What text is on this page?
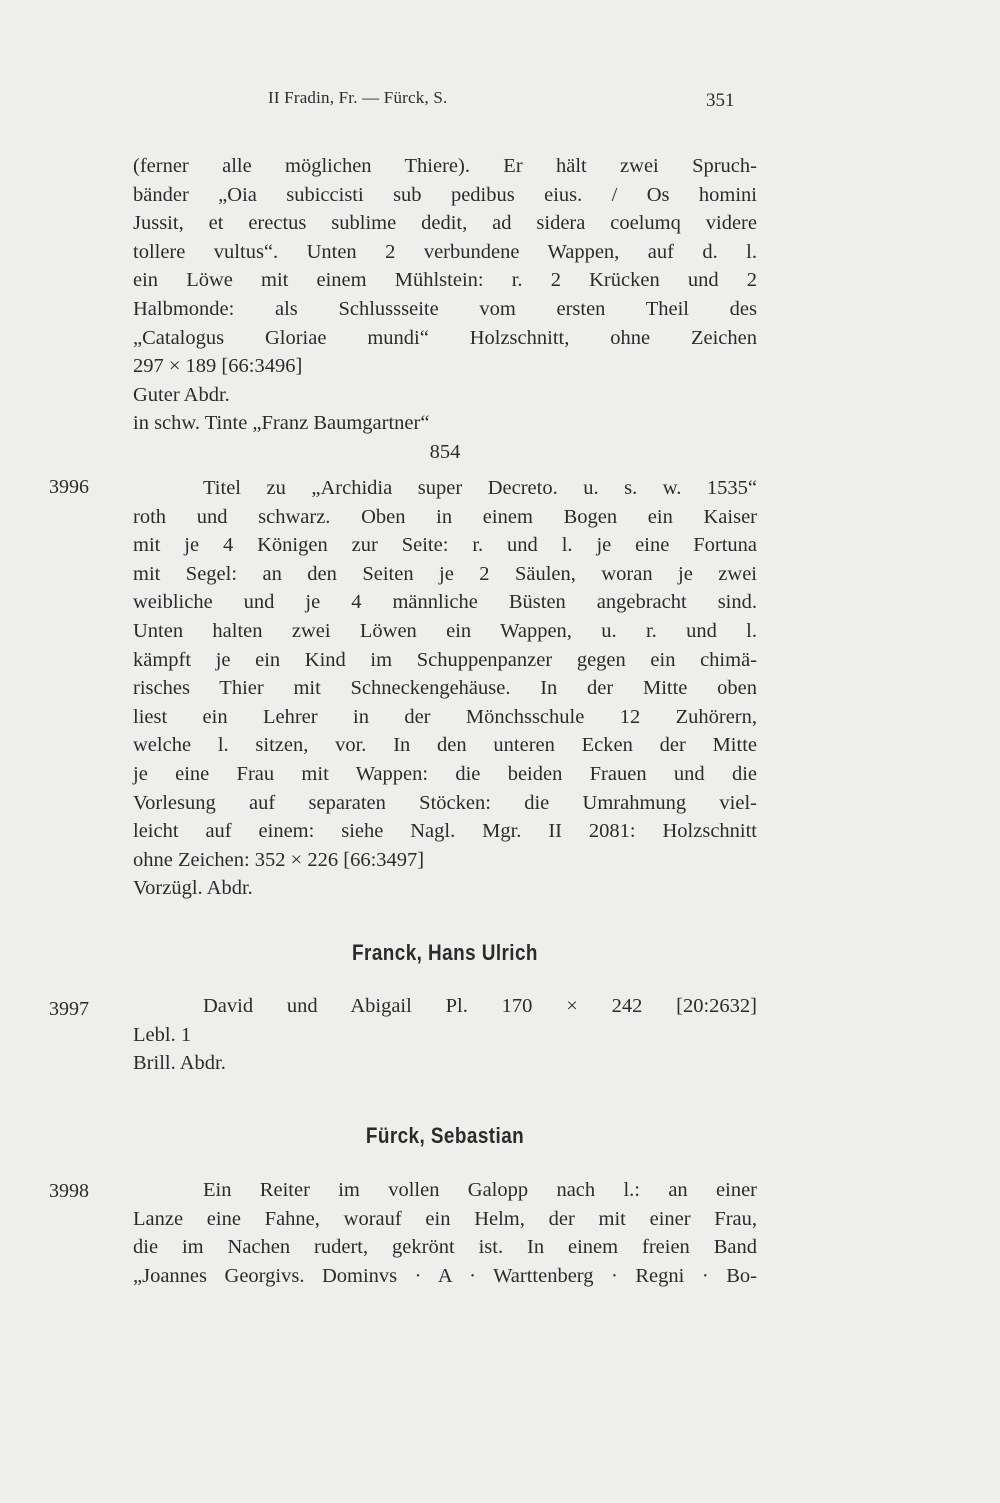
II Fradin, Fr. — Fürck, S.	351
(ferner alle möglichen Thiere). Er hält zwei Spruch-
bänder „Oia subiccisti sub pedibus eius. / Os homini
Jussit, et erectus sublime dedit, ad sidera coelumq videre
tollere vultus“. Unten 2 verbundene Wappen, auf d. l.
ein Löwe mit einem Mühlstein: r. 2 Krücken und 2
Halbmonde: als Schlussseite vom ersten Theil des
„Catalogus Gloriae mundi“ Holzschnitt, ohne Zeichen
297 × 189 [66:3496]
Guter Abdr.
in schw. Tinte „Franz Baumgartner“
854
3996	Titel zu „Archidia super Decreto. u. s. w. 1535“
roth und schwarz. Oben in einem Bogen ein Kaiser
mit je 4 Königen zur Seite: r. und l. je eine Fortuna
mit Segel: an den Seiten je 2 Säulen, woran je zwei
weibliche und je 4 männliche Büsten angebracht sind.
Unten halten zwei Löwen ein Wappen, u. r. und l.
kämpft je ein Kind im Schuppenpanzer gegen ein chimä-
risches Thier mit Schneckengehäuse. In der Mitte oben
liest ein Lehrer in der Mönchsschule 12 Zuhörern,
welche l. sitzen, vor. In den unteren Ecken der Mitte
je eine Frau mit Wappen: die beiden Frauen und die
Vorlesung auf separaten Stöcken: die Umrahmung viel-
leicht auf einem: siehe Nagl. Mgr. II 2081: Holzschnitt
ohne Zeichen: 352 × 226 [66:3497]
Vorzügl. Abdr.
Franck, Hans Ulrich
3997	David und Abigail Pl. 170 × 242 [20:2632]
Lebl. 1
Brill. Abdr.
Fürck, Sebastian
3998	Ein Reiter im vollen Galopp nach l.: an einer
Lanze eine Fahne, worauf ein Helm, der mit einer Frau,
die im Nachen rudert, gekrönt ist. In einem freien Band
„Joannes Georgivs. Dominvs · A · Warttenberg · Regni · Bo-
